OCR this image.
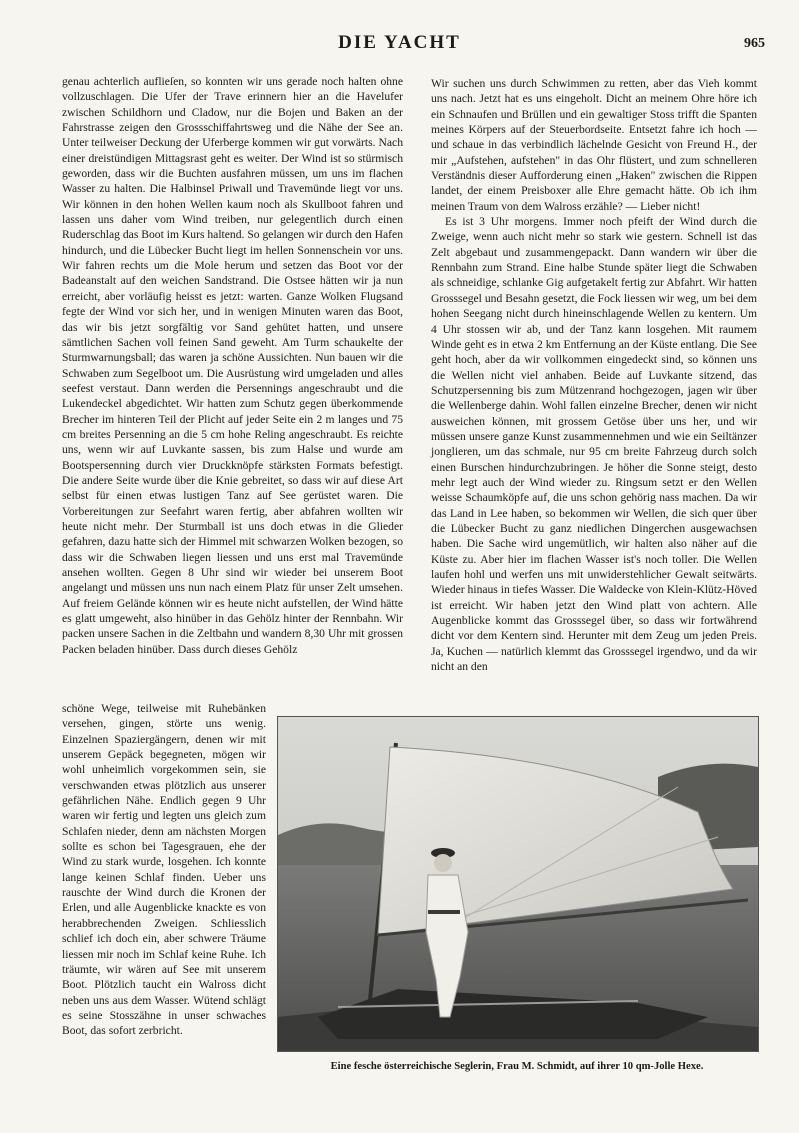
DIE YACHT	965

genau achterlich auflieſen, so konnten wir uns gerade noch halten ohne vollzuschlagen. Die Ufer der Trave erinnern hier an die Havelufer zwischen Schildhorn und Cladow, nur die Bojen und Baken an der Fahrstrasse zeigen den Grossschiffahrtsweg und die Nähe der See an. Unter teilweiser Deckung der Uferberge kommen wir gut vorwärts. Nach einer dreistündigen Mittagsrast geht es weiter. Der Wind ist so stürmisch geworden, dass wir die Buchten ausfahren müssen, um uns im flachen Wasser zu halten. Die Halbinsel Priwall und Travemünde liegt vor uns. Wir können in den hohen Wellen kaum noch als Skullboot fahren und lassen uns daher vom Wind treiben, nur gelegentlich durch einen Ruderschlag das Boot im Kurs haltend. So gelangen wir durch den Hafen hindurch, und die Lübecker Bucht liegt im hellen Sonnenschein vor uns. Wir fahren rechts um die Mole herum und setzen das Boot vor der Badeanstalt auf den weichen Sandstrand. Die Ostsee hätten wir ja nun erreicht, aber vorläufig heisst es jetzt: warten. Ganze Wolken Flugsand fegte der Wind vor sich her, und in wenigen Minuten waren das Boot, das wir bis jetzt sorgfältig vor Sand gehütet hatten, und unsere sämtlichen Sachen voll feinen Sand geweht. Am Turm schaukelte der Sturmwarnungsball; das waren ja schöne Aussichten. Nun bauen wir die Schwaben zum Segelboot um. Die Ausrüstung wird umgeladen und alles seefest verstaut. Dann werden die Persennings angeschraubt und die Lukendeckel abgedichtet. Wir hatten zum Schutz gegen überkommende Brecher im hinteren Teil der Plicht auf jeder Seite ein 2 m langes und 75 cm breites Persenning an die 5 cm hohe Reling angeschraubt. Es reichte uns, wenn wir auf Luvkante sassen, bis zum Halse und wurde am Bootspersenning durch vier Druckknöpfe stärksten Formats befestigt. Die andere Seite wurde über die Knie gebreitet, so dass wir auf diese Art selbst für einen etwas lustigen Tanz auf See gerüstet waren. Die Vorbereitungen zur Seefahrt waren fertig, aber abfahren wollten wir heute nicht mehr. Der Sturmball ist uns doch etwas in die Glieder gefahren, dazu hatte sich der Himmel mit schwarzen Wolken bezogen, so dass wir die Schwaben liegen liessen und uns erst mal Travemünde ansehen wollten. Gegen 8 Uhr sind wir wieder bei unserem Boot angelangt und müssen uns nun nach einem Platz für unser Zelt umsehen. Auf freiem Gelände können wir es heute nicht aufstellen, der Wind hätte es glatt umgeweht, also hinüber in das Gehölz hinter der Rennbahn. Wir packen unsere Sachen in die Zeltbahn und wandern 8,30 Uhr mit grossen Packen beladen hinüber. Dass durch dieses Gehölz

schöne Wege, teilweise mit Ruhebänken versehen, gingen, störte uns wenig. Einzelnen Spaziergängern, denen wir mit unserem Gepäck begegneten, mögen wir wohl unheimlich vorgekommen sein, sie verschwanden etwas plötzlich aus unserer gefährlichen Nähe. Endlich gegen 9 Uhr waren wir fertig und legten uns gleich zum Schlafen nieder, denn am nächsten Morgen sollte es schon bei Tagesgrauen, ehe der Wind zu stark wurde, losgehen. Ich konnte lange keinen Schlaf finden. Ueber uns rauschte der Wind durch die Kronen der Erlen, und alle Augenblicke knackte es von herabbrechenden Zweigen. Schliesslich schlief ich doch ein, aber schwere Träume liessen mir noch im Schlaf keine Ruhe. Ich träumte, wir wären auf See mit unserem Boot. Plötzlich taucht ein Walross dicht neben uns aus dem Wasser. Wütend schlägt es seine Stosszähne in unser schwaches Boot, das sofort zerbricht.

Wir suchen uns durch Schwimmen zu retten, aber das Vieh kommt uns nach. Jetzt hat es uns eingeholt. Dicht an meinem Ohre höre ich ein Schnaufen und Brüllen und ein gewaltiger Stoss trifft die Spanten meines Körpers auf der Steuerbordseite. Entsetzt fahre ich hoch — und schaue in das verbindlich lächelnde Gesicht von Freund H., der mir „Aufstehen, aufstehen" in das Ohr flüstert, und zum schnelleren Verständnis dieser Aufforderung einen „Haken" zwischen die Rippen landet, der einem Preisboxer alle Ehre gemacht hätte. Ob ich ihm meinen Traum von dem Walross erzähle? — Lieber nicht!

Es ist 3 Uhr morgens. Immer noch pfeift der Wind durch die Zweige, wenn auch nicht mehr so stark wie gestern. Schnell ist das Zelt abgebaut und zusammengepackt. Dann wandern wir über die Rennbahn zum Strand. Eine halbe Stunde später liegt die Schwaben als schneidige, schlanke Gig aufgetakelt fertig zur Abfahrt. Wir hatten Grosssegel und Besahn gesetzt, die Fock liessen wir weg, um bei dem hohen Seegang nicht durch hineinschlagende Wellen zu kentern. Um 4 Uhr stossen wir ab, und der Tanz kann losgehen. Mit raumem Winde geht es in etwa 2 km Entfernung an der Küste entlang. Die See geht hoch, aber da wir vollkommen eingedeckt sind, so können uns die Wellen nicht viel anhaben. Beide auf Luvkante sitzend, das Schutzpersenning bis zum Mützenrand hochgezogen, jagen wir über die Wellenberge dahin. Wohl fallen einzelne Brecher, denen wir nicht ausweichen können, mit grossem Getöse über uns her, und wir müssen unsere ganze Kunst zusammennehmen und wie ein Seiltänzer jonglieren, um das schmale, nur 95 cm breite Fahrzeug durch solch einen Burschen hindurchzubringen. Je höher die Sonne steigt, desto mehr legt auch der Wind wieder zu. Ringsum setzt er den Wellen weisse Schaumköpfe auf, die uns schon gehörig nass machen. Da wir das Land in Lee haben, so bekommen wir Wellen, die sich quer über die Lübecker Bucht zu ganz niedlichen Dingerchen ausgewachsen haben. Die Sache wird ungemütlich, wir halten also näher auf die Küste zu. Aber hier im flachen Wasser ist's noch toller. Die Wellen laufen hohl und werfen uns mit unwiderstehlicher Gewalt seitwärts. Wieder hinaus in tiefes Wasser. Die Waldecke von Klein-Klütz-Höved ist erreicht. Wir haben jetzt den Wind platt von achtern. Alle Augenblicke kommt das Grosssegel über, so dass wir fortwährend dicht vor dem Kentern sind. Herunter mit dem Zeug um jeden Preis. Ja, Kuchen — natürlich klemmt das Grosssegel irgendwo, und da wir nicht an den

Eine fesche österreichische Seglerin, Frau M. Schmidt, auf ihrer 10 qm-Jolle Hexe.
